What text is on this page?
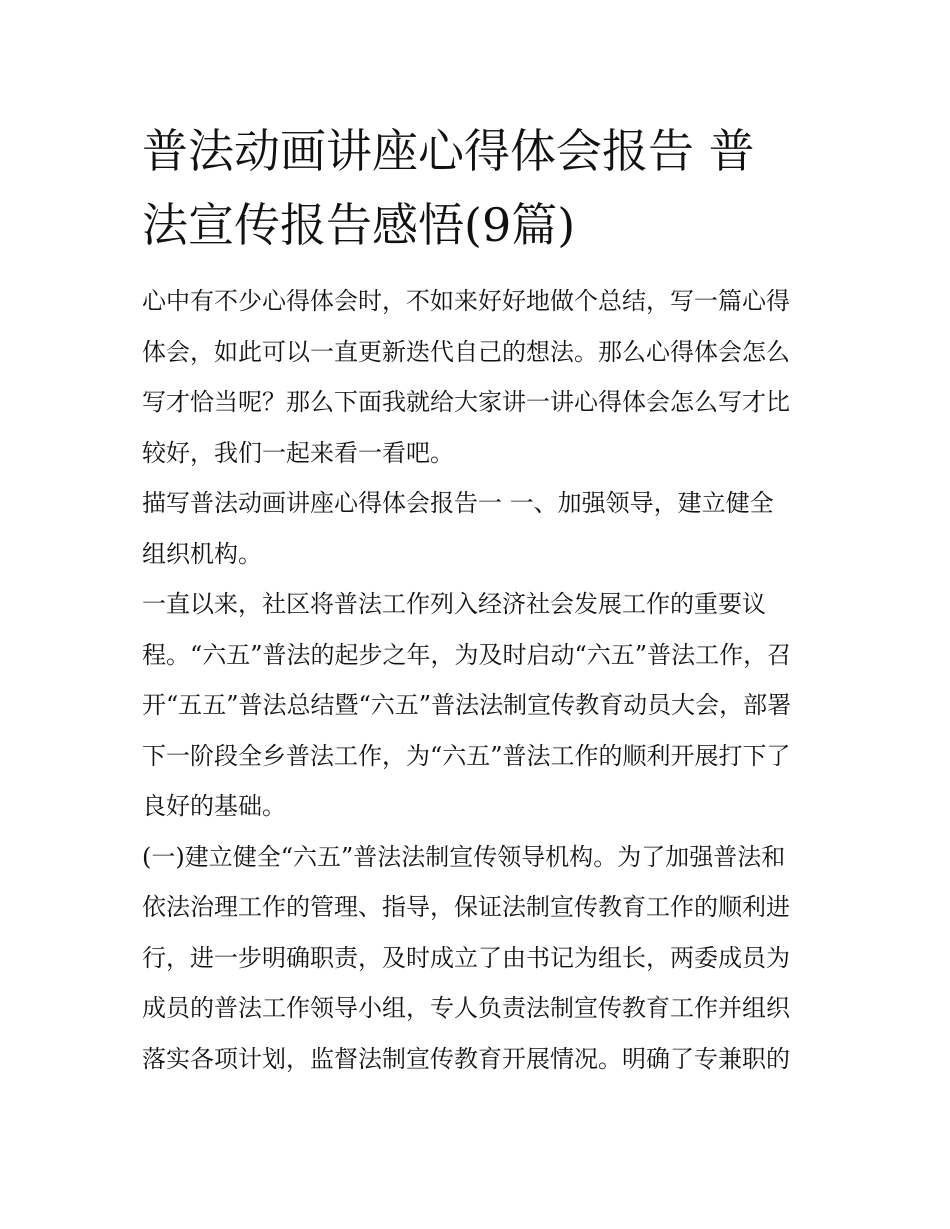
普法动画讲座心得体会报告 普
法宣传报告感悟(9篇)

心中有不少心得体会时，不如来好好地做个总结，写一篇心得
体会，如此可以一直更新迭代自己的想法。那么心得体会怎么
写才恰当呢？那么下面我就给大家讲一讲心得体会怎么写才比
较好，我们一起来看一看吧。

描写普法动画讲座心得体会报告一 一、加强领导，建立健全
组织机构。

一直以来，社区将普法工作列入经济社会发展工作的重要议
程。“六五”普法的起步之年，为及时启动“六五”普法工作，召
开“五五”普法总结暨“六五”普法法制宣传教育动员大会，部署
下一阶段全乡普法工作，为“六五”普法工作的顺利开展打下了
良好的基础。

(一)建立健全“六五”普法法制宣传领导机构。为了加强普法和
依法治理工作的管理、指导，保证法制宣传教育工作的顺利进
行，进一步明确职责，及时成立了由书记为组长，两委成员为
成员的普法工作领导小组，专人负责法制宣传教育工作并组织
落实各项计划，监督法制宣传教育开展情况。明确了专兼职的
